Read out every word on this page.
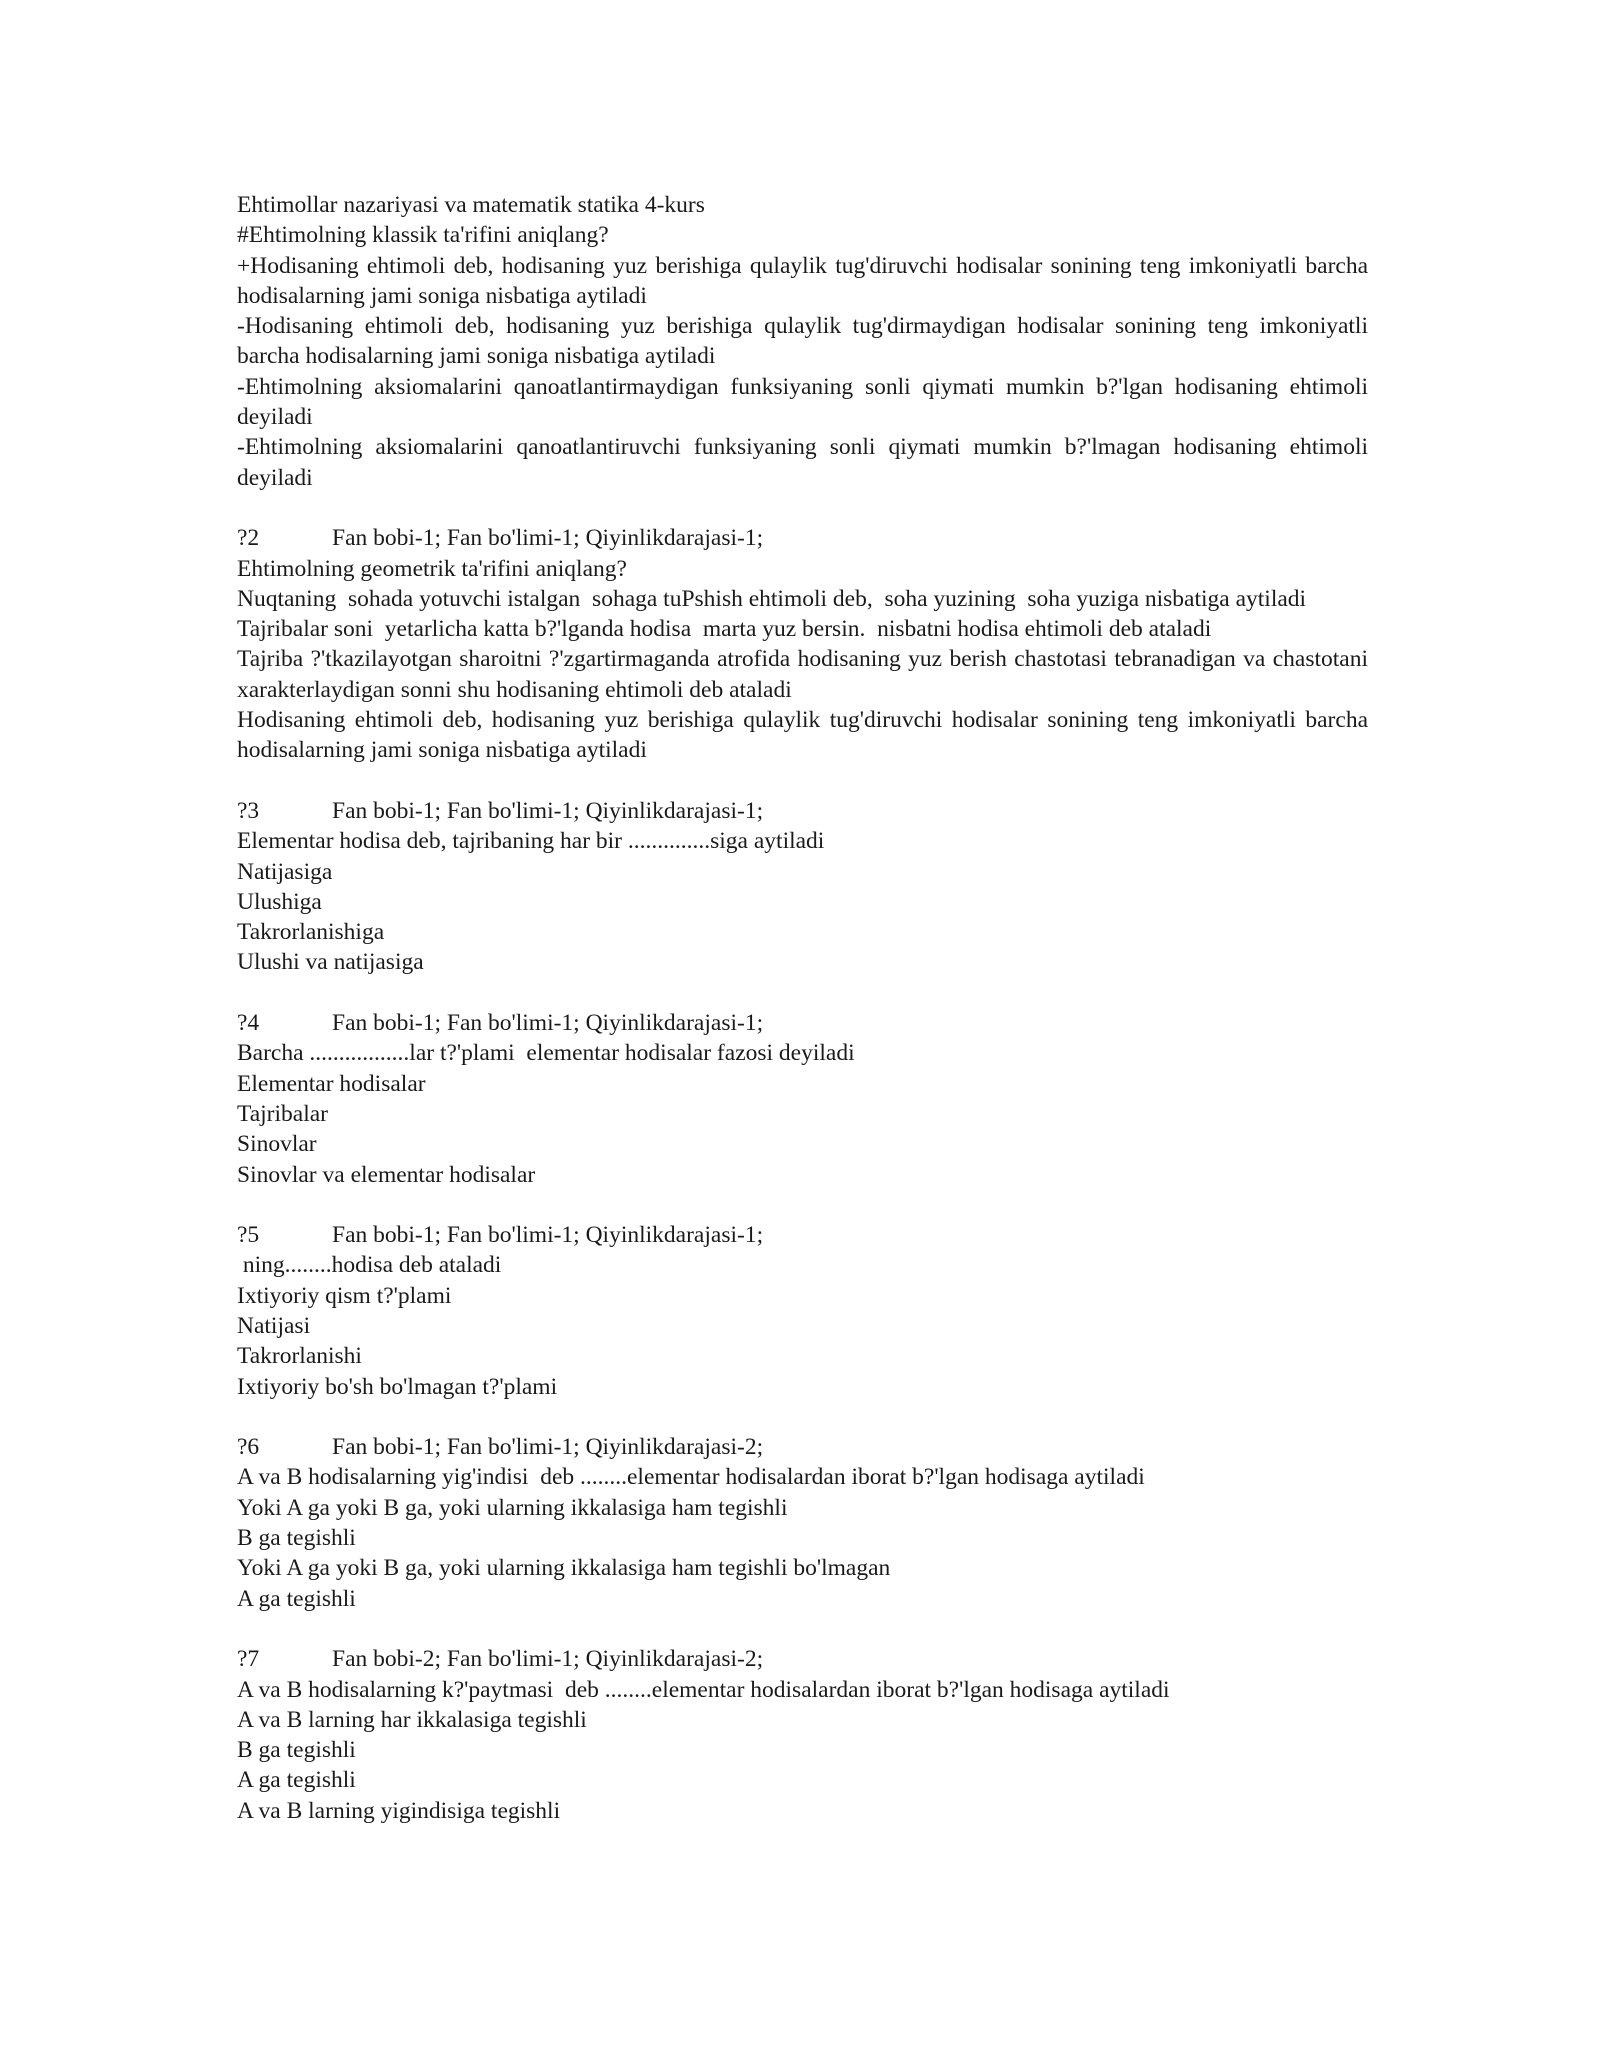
Ehtimollar nazariyasi va matematik statika 4-kurs

#Ehtimolning klassik ta'rifini aniqlang?

+Hodisaning ehtimoli deb, hodisaning yuz berishiga qulaylik tug'diruvchi hodisalar sonining teng imkoniyatli barcha hodisalarning jami soniga nisbatiga aytiladi

-Hodisaning ehtimoli deb, hodisaning yuz berishiga qulaylik tug'dirmaydigan hodisalar sonining teng imkoniyatli barcha hodisalarning jami soniga nisbatiga aytiladi

-Ehtimolning aksiomalarini qanoatlantirmaydigan funksiyaning sonli qiymati mumkin b?'lgan hodisaning ehtimoli deyiladi

-Ehtimolning aksiomalarini qanoatlantiruvchi funksiyaning sonli qiymati mumkin b?'lmagan hodisaning ehtimoli deyiladi

?2	Fan bobi-1; Fan bo'limi-1; Qiyinlikdarajasi-1;

Ehtimolning geometrik ta'rifini aniqlang?

Nuqtaning  sohada yotuvchi istalgan  sohaga tuPshish ehtimoli deb,  soha yuzining  soha yuziga nisbatiga aytiladi

Tajribalar soni  yetarlicha katta b?'lganda hodisa  marta yuz bersin.  nisbatni hodisa ehtimoli deb ataladi

Tajriba ?'tkazilayotgan sharoitni ?'zgartirmaganda atrofida hodisaning yuz berish chastotasi tebranadigan va chastotani xarakterlaydigan sonni shu hodisaning ehtimoli deb ataladi

Hodisaning ehtimoli deb, hodisaning yuz berishiga qulaylik tug'diruvchi hodisalar sonining teng imkoniyatli barcha hodisalarning jami soniga nisbatiga aytiladi

?3	Fan bobi-1; Fan bo'limi-1; Qiyinlikdarajasi-1;

Elementar hodisa deb, tajribaning har bir ..............siga aytiladi

Natijasiga

Ulushiga

Takrorlanishiga

Ulushi va natijasiga

?4	Fan bobi-1; Fan bo'limi-1; Qiyinlikdarajasi-1;

Barcha .................lar t?'plami  elementar hodisalar fazosi deyiladi

Elementar hodisalar

Tajribalar

Sinovlar

Sinovlar va elementar hodisalar

?5	Fan bobi-1; Fan bo'limi-1; Qiyinlikdarajasi-1;

ning........hodisa deb ataladi

Ixtiyoriy qism t?'plami

Natijasi

Takrorlanishi

Ixtiyoriy bo'sh bo'lmagan t?'plami

?6	Fan bobi-1; Fan bo'limi-1; Qiyinlikdarajasi-2;

A va B hodisalarning yig'indisi  deb ........elementar hodisalardan iborat b?'lgan hodisaga aytiladi

Yoki A ga yoki B ga, yoki ularning ikkalasiga ham tegishli

B ga tegishli

Yoki A ga yoki B ga, yoki ularning ikkalasiga ham tegishli bo'lmagan

A ga tegishli

?7	Fan bobi-2; Fan bo'limi-1; Qiyinlikdarajasi-2;

A va B hodisalarning k?'paytmasi  deb ........elementar hodisalardan iborat b?'lgan hodisaga aytiladi

A va B larning har ikkalasiga tegishli

B ga tegishli

A ga tegishli

A va B larning yigindisiga tegishli
